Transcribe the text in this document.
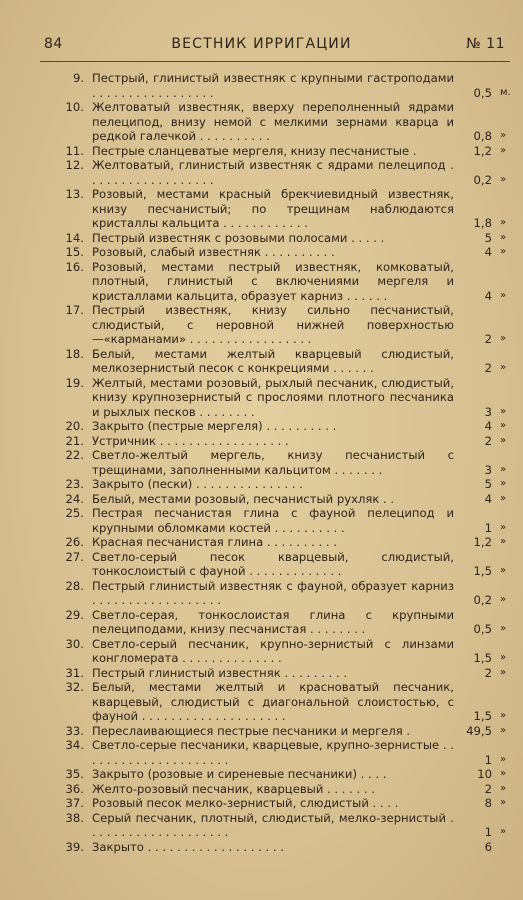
84	ВЕСТНИК ИРРИГАЦИИ	№ 11
9. Пестрый, глинистый известняк с крупными гастроподами . . . . . . . . . . . . . . . . .	0,5 м.
10. Желтоватый известняк, вверху переполненный ядрами пелеципод, внизу немой с мелкими зернами кварца и редкой галечкой . . . . . . . . . .	0,8 »
11. Пестрые сланцеватые мергеля, книзу песчанистые .	1,2 »
12. Желтоватый, глинистый известняк с ядрами пелеципод . . . . . . . . . . . . . . . . . .	0,2 »
13. Розовый, местами красный брекчиевидный известняк, книзу песчанистый; по трещинам наблюдаются кристаллы кальцита . . . . . . . . . . . .	1,8 »
14. Пестрый известняк с розовыми полосами . . . . .	5 »
15. Розовый, слабый известняк . . . . . . . . . .	4 »
16. Розовый, местами пестрый известняк, комковатый, плотный, глинистый с включениями мергеля и кристаллами кальцита, образует карниз . . . . . .	4 »
17. Пестрый известняк, книзу сильно песчанистый, слюдистый, с неровной нижней поверхностью—«карманами» . . . . . . . . . . . . . . . . .	2 »
18. Белый, местами желтый кварцевый слюдистый, мелкозернистый песок с конкрециями . . . . . .	2 »
19. Желтый, местами розовый, рыхлый песчаник, слюдистый, книзу крупнозернистый с прослоями плотного песчаника и рыхлых песков . . . . . . . .	3 »
20. Закрыто (пестрые мергеля) . . . . . . . . . .	4 »
21. Устричник . . . . . . . . . . . . . . . . . .	2 »
22. Светло-желтый мергель, книзу песчанистый с трещинами, заполненными кальцитом . . . . . . .	3 »
23. Закрыто (пески) . . . . . . . . . . . . . . .	5 »
24. Белый, местами розовый, песчанистый рухляк . .	4 »
25. Пестрая песчанистая глина с фауной пелеципод и крупными обломками костей . . . . . . . . . .	1 »
26. Красная песчанистая глина . . . . . . . . . .	1,2 »
27. Светло-серый песок кварцевый, слюдистый, тонкослоистый с фауной . . . . . . . . . . . . .	1,5 »
28. Пестрый глинистый известняк с фауной, образует карниз . . . . . . . . . . . . . . . . . .	0,2 »
29. Светло-серая, тонкослоистая глина с крупными пелециподами, книзу песчанистая . . . . . . . .	0,5 »
30. Светло-серый песчаник, крупно-зернистый с линзами конгломерата . . . . . . . . . . . . . .	1,5 »
31. Пестрый глинистый известняк . . . . . . . . .	2 »
32. Белый, местами желтый и красноватый песчаник, кварцевый, слюдистый с диагональной слоистостью, с фауной . . . . . . . . . . . . . . . . . . . .	1,5 »
33. Переслаивающиеся пестрые песчаники и мергеля .	49,5 »
34. Светло-серые песчаники, кварцевые, крупно-зернистые . . . . . . . . . . . . . . . . . . . . .	1 »
35. Закрыто (розовые и сиреневые песчаники) . . . .	10 »
36. Желто-розовый песчаник, кварцевый . . . . . . .	2 »
37. Розовый песок мелко-зернистый, слюдистый . . . .	8 »
38. Серый песчаник, плотный, слюдистый, мелко-зернистый . . . . . . . . . . . . . . . . . . . .	1 »
39. Закрыто . . . . . . . . . . . . . . . . . . .	6
